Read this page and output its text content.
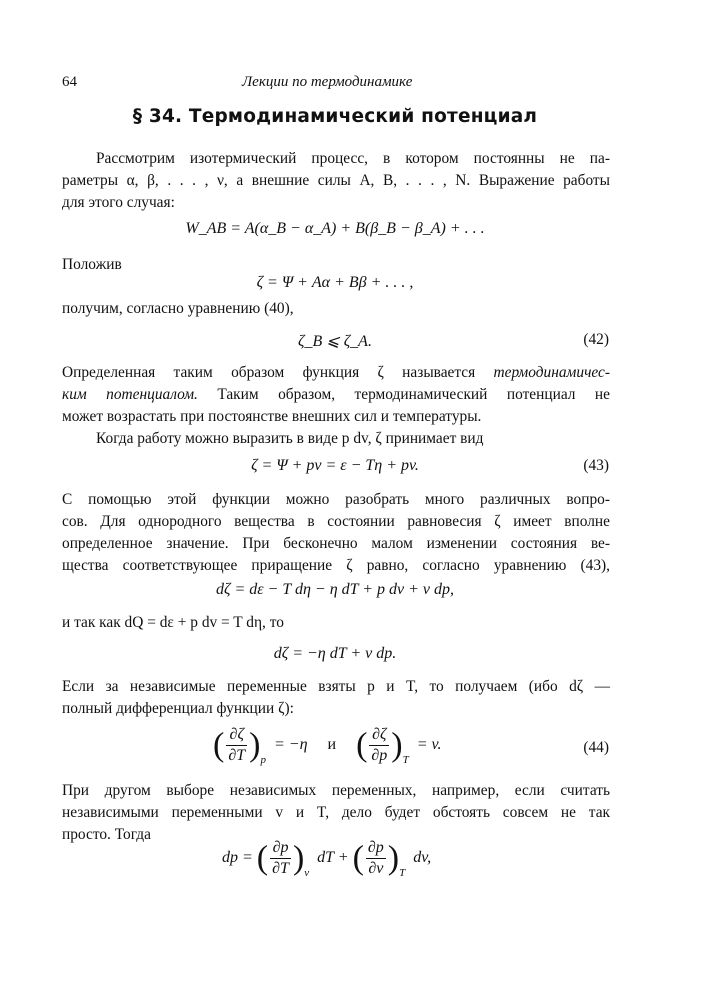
64	Лекции по термодинамике
§ 34. Термодинамический потенциал
Рассмотрим изотермический процесс, в котором постоянны не па-
раметры α, β, . . . , ν, а внешние силы A, B, . . . , N. Выражение работы
для этого случая:
W_AB = A(α_B − α_A) + B(β_B − β_A) + . . .
Положив
ζ = Ψ + Aα + Bβ + . . . ,
получим, согласно уравнению (40),
ζ_B ⩽ ζ_A.	(42)
Определенная таким образом функция ζ называется термодинамичес-
ким потенциалом. Таким образом, термодинамический потенциал не
может возрастать при постоянстве внешних сил и температуры.
Когда работу можно выразить в виде p dv, ζ принимает вид
ζ = Ψ + pv = ε − Tη + pv.	(43)
С помощью этой функции можно разобрать много различных вопро-
сов. Для однородного вещества в состоянии равновесия ζ имеет вполне
определенное значение. При бесконечно малом изменении состояния ве-
щества соответствующее приращение ζ равно, согласно уравнению (43),
dζ = dε − T dη − η dT + p dv + v dp,
и так как dQ = dε + p dv = T dη, то
dζ = −η dT + v dp.
Если за независимые переменные взяты p и T, то получаем (ибо dζ —
полный дифференциал функции ζ):
( $\frac{\partial\zeta}{\partial T} )_p = -\eta$ и ( $\frac{\partial\zeta}{\partial p} )_T = v$.	(44)
При другом выборе независимых переменных, например, если считать
независимыми переменными v и T, дело будет обстоять совсем не так
просто. Тогда
dp = ( $\frac{\partial p}{\partial T} )_v$ dT + ( $\frac{\partial p}{\partial v} )_T$ dv,
